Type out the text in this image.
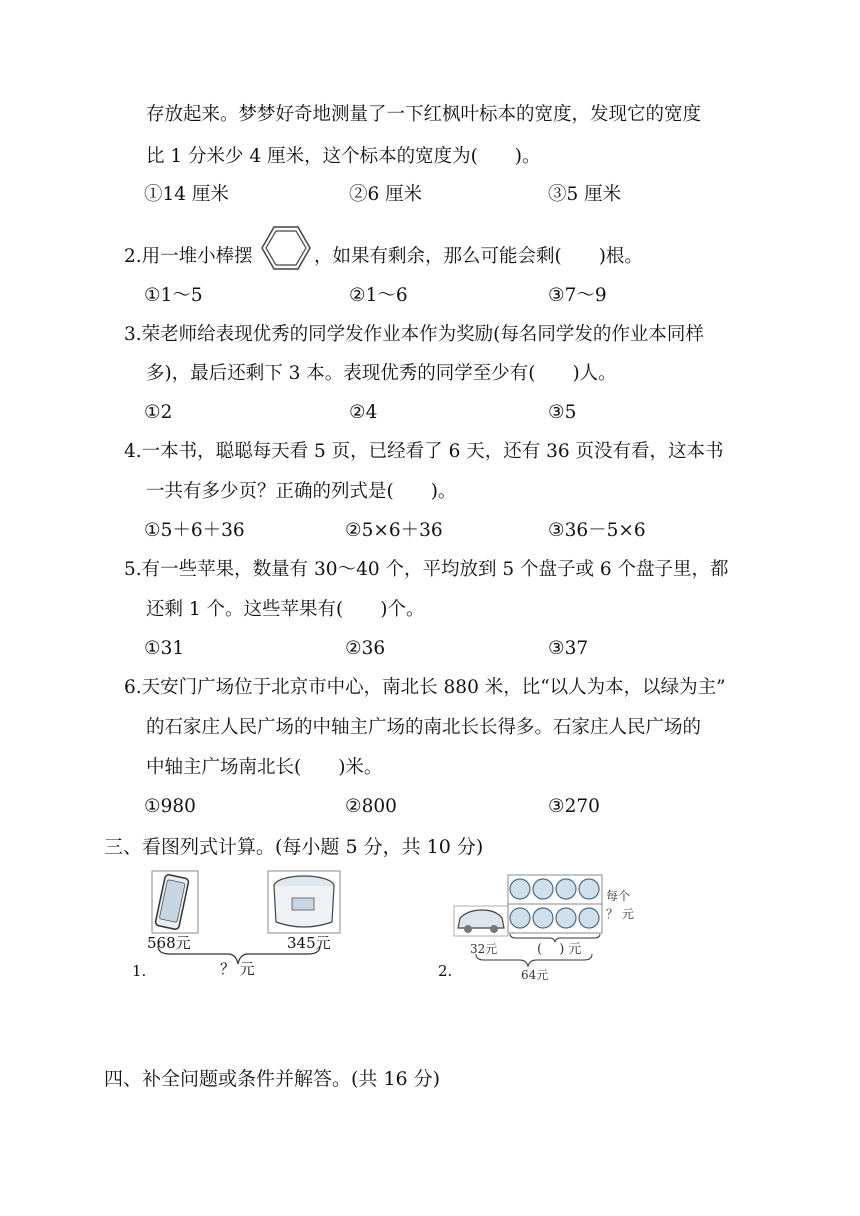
存放起来。梦梦好奇地测量了一下红枫叶标本的宽度，发现它的宽度
比 1 分米少 4 厘米，这个标本的宽度为(　　)。
①14 厘米	②6 厘米	③5 厘米
2.用一堆小棒摆	，如果有剩余，那么可能会剩(　　)根。
①1～5	②1～6	③7～9
3.荣老师给表现优秀的同学发作业本作为奖励(每名同学发的作业本同样
多)，最后还剩下 3 本。表现优秀的同学至少有(　　)人。
①2	②4	③5
4.一本书，聪聪每天看 5 页，已经看了 6 天，还有 36 页没有看，这本书
一共有多少页？正确的列式是(　　)。
①5＋6＋36	②5×6＋36	③36－5×6
5.有一些苹果，数量有 30～40 个，平均放到 5 个盘子或 6 个盘子里，都
还剩 1 个。这些苹果有(　　)个。
①31	②36	③37
6.天安门广场位于北京市中心，南北长 880 米，比“以人为本，以绿为主”
的石家庄人民广场的中轴主广场的南北长长得多。石家庄人民广场的
中轴主广场南北长(　　)米。
①980	②800	③270
三、看图列式计算。(每小题 5 分，共 10 分)
1.
568元	345元
？ 元	2.
32元	(　 ) 元
每个
？ 元
64元
四、补全问题或条件并解答。(共 16 分)
